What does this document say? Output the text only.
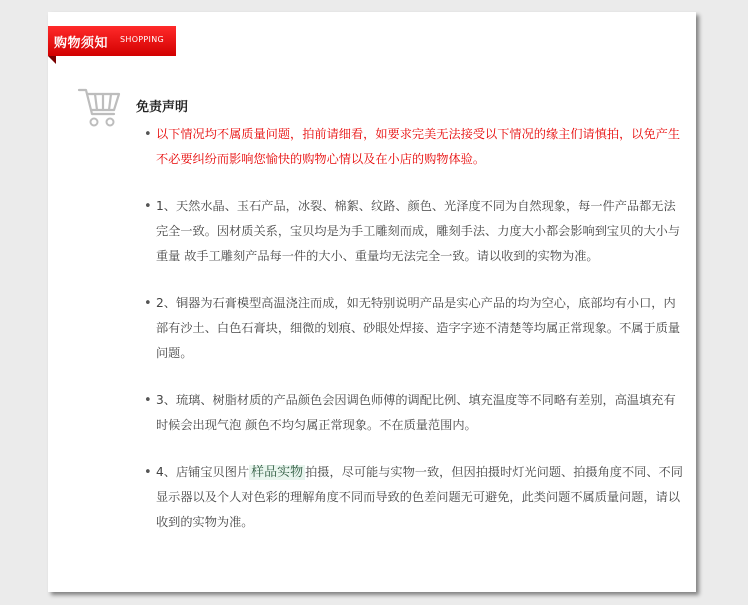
购物须知 SHOPPING
免责声明
• 以下情况均不属质量问题，拍前请细看，如要求完美无法接受以下情况的缘主们请慎拍，以免产生不必要纠纷而影响您愉快的购物心情以及在小店的购物体验。
• 1、天然水晶、玉石产品，冰裂、棉絮、纹路、颜色、光泽度不同为自然现象，每一件产品都无法完全一致。因材质关系，宝贝均是为手工雕刻而成，雕刻手法、力度大小都会影响到宝贝的大小与重量 故手工雕刻产品每一件的大小、重量均无法完全一致。请以收到的实物为准。
• 2、铜器为石膏模型高温浇注而成，如无特别说明产品是实心产品的均为空心，底部均有小口，内部有沙土、白色石膏块，细微的划痕、砂眼处焊接、造字字迹不清楚等均属正常现象。不属于质量问题。
• 3、琉璃、树脂材质的产品颜色会因调色师傅的调配比例、填充温度等不同略有差别，高温填充有时候会出现气泡 颜色不均匀属正常现象。不在质量范围内。
• 4、店铺宝贝图片 样品实物 拍摄，尽可能与实物一致，但因拍摄时灯光问题、拍摄角度不同、不同显示器以及个人对色彩的理解角度不同而导致的色差问题无可避免，此类问题不属质量问题，请以收到的实物为准。
